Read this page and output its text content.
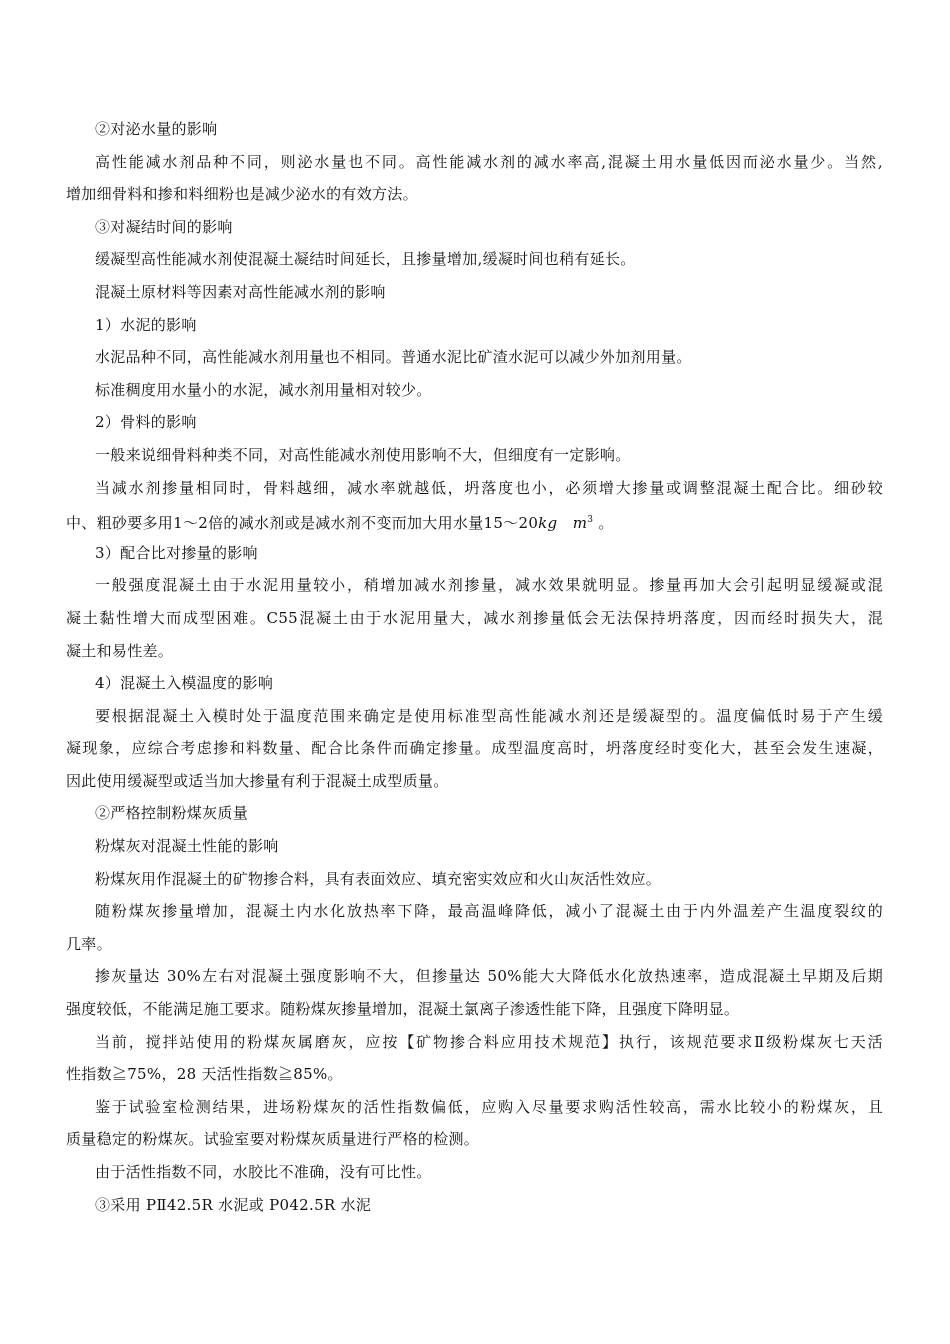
②对泌水量的影响
高性能减水剂品种不同，则泌水量也不同。高性能减水剂的减水率高,混凝土用水量低因而泌水量少。当然,
增加细骨料和掺和料细粉也是减少泌水的有效方法。
③对凝结时间的影响
缓凝型高性能减水剂使混凝土凝结时间延长，且掺量增加,缓凝时间也稍有延长。
混凝土原材料等因素对高性能减水剂的影响
1）水泥的影响
水泥品种不同，高性能减水剂用量也不相同。普通水泥比矿渣水泥可以减少外加剂用量。
标准稠度用水量小的水泥，减水剂用量相对较少。
2）骨料的影响
一般来说细骨料种类不同，对高性能减水剂使用影响不大，但细度有一定影响。
当减水剂掺量相同时，骨料越细，减水率就越低，坍落度也小，必须增大掺量或调整混凝土配合比。细砂较
中、粗砂要多用1～2倍的减水剂或是减水剂不变而加大用水量15～20kg $m^3$ 。
3）配合比对掺量的影响
一般强度混凝土由于水泥用量较小，稍增加减水剂掺量，减水效果就明显。掺量再加大会引起明显缓凝或混
凝土黏性增大而成型困难。C55混凝土由于水泥用量大，减水剂掺量低会无法保持坍落度，因而经时损失大，混
凝土和易性差。
4）混凝土入模温度的影响
要根据混凝土入模时处于温度范围来确定是使用标准型高性能减水剂还是缓凝型的。温度偏低时易于产生缓
凝现象，应综合考虑掺和料数量、配合比条件而确定掺量。成型温度高时，坍落度经时变化大，甚至会发生速凝，
因此使用缓凝型或适当加大掺量有利于混凝土成型质量。
②严格控制粉煤灰质量
粉煤灰对混凝土性能的影响
粉煤灰用作混凝土的矿物掺合料，具有表面效应、填充密实效应和火山灰活性效应。
随粉煤灰掺量增加，混凝土内水化放热率下降，最高温峰降低，减小了混凝土由于内外温差产生温度裂纹的
几率。
掺灰量达 30%左右对混凝土强度影响不大，但掺量达 50%能大大降低水化放热速率，造成混凝土早期及后期
强度较低，不能满足施工要求。随粉煤灰掺量增加，混凝土氯离子渗透性能下降，且强度下降明显。
当前，搅拌站使用的粉煤灰属磨灰，应按【矿物掺合料应用技术规范】执行，该规范要求Ⅱ级粉煤灰七天活
性指数≧75%，28 天活性指数≧85%。
鉴于试验室检测结果，进场粉煤灰的活性指数偏低，应购入尽量要求购活性较高，需水比较小的粉煤灰，且
质量稳定的粉煤灰。试验室要对粉煤灰质量进行严格的检测。
由于活性指数不同，水胶比不准确，没有可比性。
③采用 PⅡ42.5R 水泥或 P042.5R 水泥
